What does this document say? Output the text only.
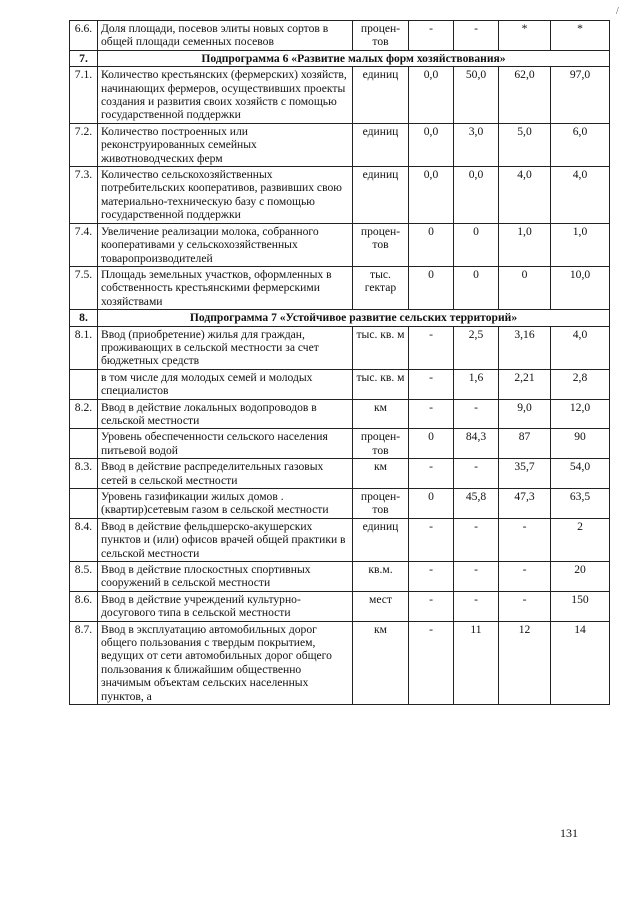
/
6.6.	Доля площади, посевов элиты новых сортов в общей площади семенных посевов	процен-тов	-	-	*	*
7.	Подпрограмма 6 «Развитие малых форм хозяйствования»					
7.1.	Количество крестьянских (фермерских) хозяйств, начинающих фермеров, осуществивших проекты создания и развития своих хозяйств с помощью государственной поддержки	единиц	0,0	50,0	62,0	97,0
7.2.	Количество построенных или реконструированных семейных животноводческих ферм	единиц	0,0	3,0	5,0	6,0
7.3.	Количество сельскохозяйственных потребительских кооперативов, развивших свою материально-техническую базу с помощью государственной поддержки	единиц	0,0	0,0	4,0	4,0
7.4.	Увеличение реализации молока, собранного кооперативами у сельскохозяйственных товаропроизводителей	процен-тов	0	0	1,0	1,0
7.5.	Площадь земельных участков, оформленных в собственность крестьянскими фермерскими хозяйствами	тыс. гектар	0	0	0	10,0
8.	Подпрограмма 7 «Устойчивое развитие сельских территорий»					
8.1.	Ввод (приобретение) жилья для граждан, проживающих в сельской местности за счет бюджетных средств	тыс. кв. м	-	2,5	3,16	4,0
	в том числе для молодых семей и молодых специалистов	тыс. кв. м	-	1,6	2,21	2,8
8.2.	Ввод в действие локальных водопроводов в сельской местности	км	-	-	9,0	12,0
	Уровень обеспеченности сельского населения питьевой водой	процен-тов	0	84,3	87	90
8.3.	Ввод в действие распределительных газовых сетей в сельской местности	км	-	-	35,7	54,0
	Уровень газификации жилых домов .(квартир)сетевым газом в сельской местности	процен-тов	0	45,8	47,3	63,5
8.4.	Ввод в действие фельдшерско-акушерских пунктов и (или) офисов врачей общей практики в сельской местности	единиц	-	-	-	2
8.5.	Ввод в действие плоскостных спортивных сооружений в сельской местности	кв.м.	-	-	-	20
8.6.	Ввод в действие учреждений культурно-досугового типа в сельской местности	мест	-	-	-	150
8.7.	Ввод в эксплуатацию автомобильных дорог общего пользования с твердым покрытием, ведущих от сети автомобильных дорог общего пользования к ближайшим общественно значимым объектам сельских населенных пунктов, а	км	-	11	12	14
131
